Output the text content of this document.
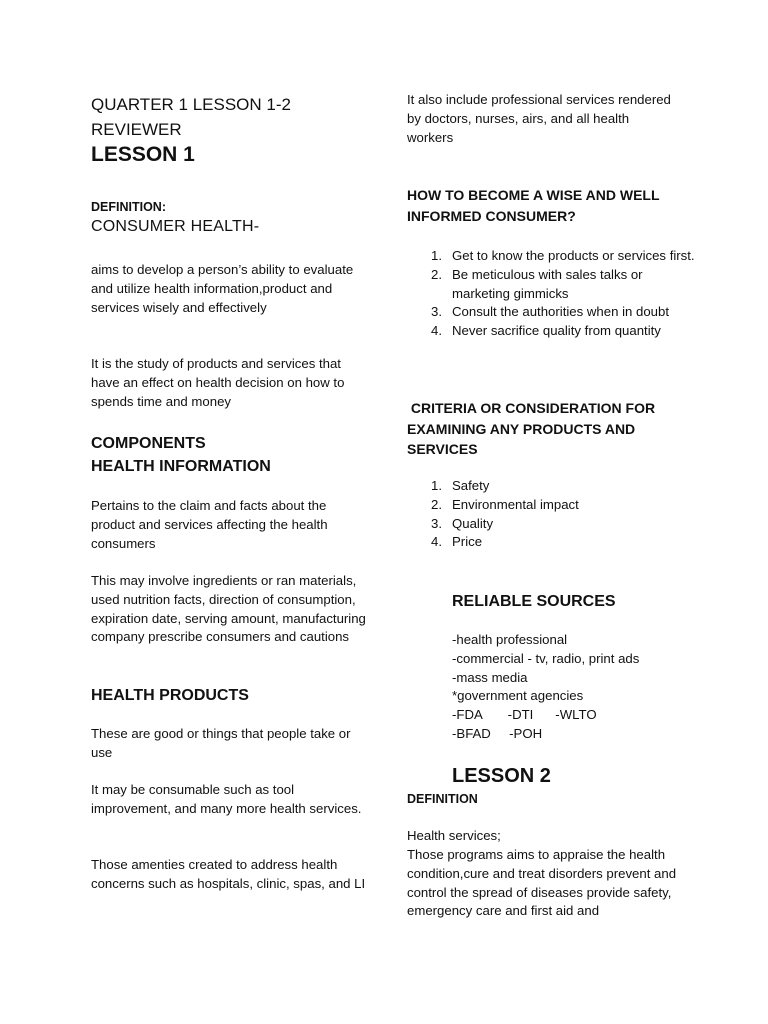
QUARTER 1 LESSON 1-2
REVIEWER
LESSON 1
DEFINITION:
CONSUMER HEALTH-

aims to develop a person’s ability to evaluate and utilize health information,product and services wisely and effectively

It is the study of products and services that have an effect on health decision on how to spends time and money

COMPONENTS
HEALTH INFORMATION

Pertains to the claim and facts about the product and services affecting the health consumers

This may involve ingredients or ran materials, used nutrition facts, direction of consumption, expiration date, serving amount, manufacturing company prescribe consumers and cautions

HEALTH PRODUCTS

These are good or things that people take or use

It may be consumable such as tool improvement, and many more health services.

Those amenties created to address health concerns such as hospitals, clinic, spas, and LI

It also include professional services rendered by doctors, nurses, airs, and all health workers

HOW TO BECOME A WISE AND WELL INFORMED CONSUMER?
1. Get to know the products or services first.
2. Be meticulous with sales talks or marketing gimmicks
3. Consult the authorities when in doubt
4. Never sacrifice quality from quantity
CRITERIA OR CONSIDERATION FOR EXAMINING ANY PRODUCTS AND SERVICES
1. Safety
2. Environmental impact
3. Quality
4. Price
RELIABLE SOURCES
-health professional
-commercial - tv, radio, print ads
-mass media
*government agencies
-FDA       -DTI      -WLTO
-BFAD     -POH
LESSON 2
DEFINITION
Health services;

Those programs aims to appraise the health condition,cure and treat disorders prevent and control the spread of diseases provide safety, emergency care and first aid and
